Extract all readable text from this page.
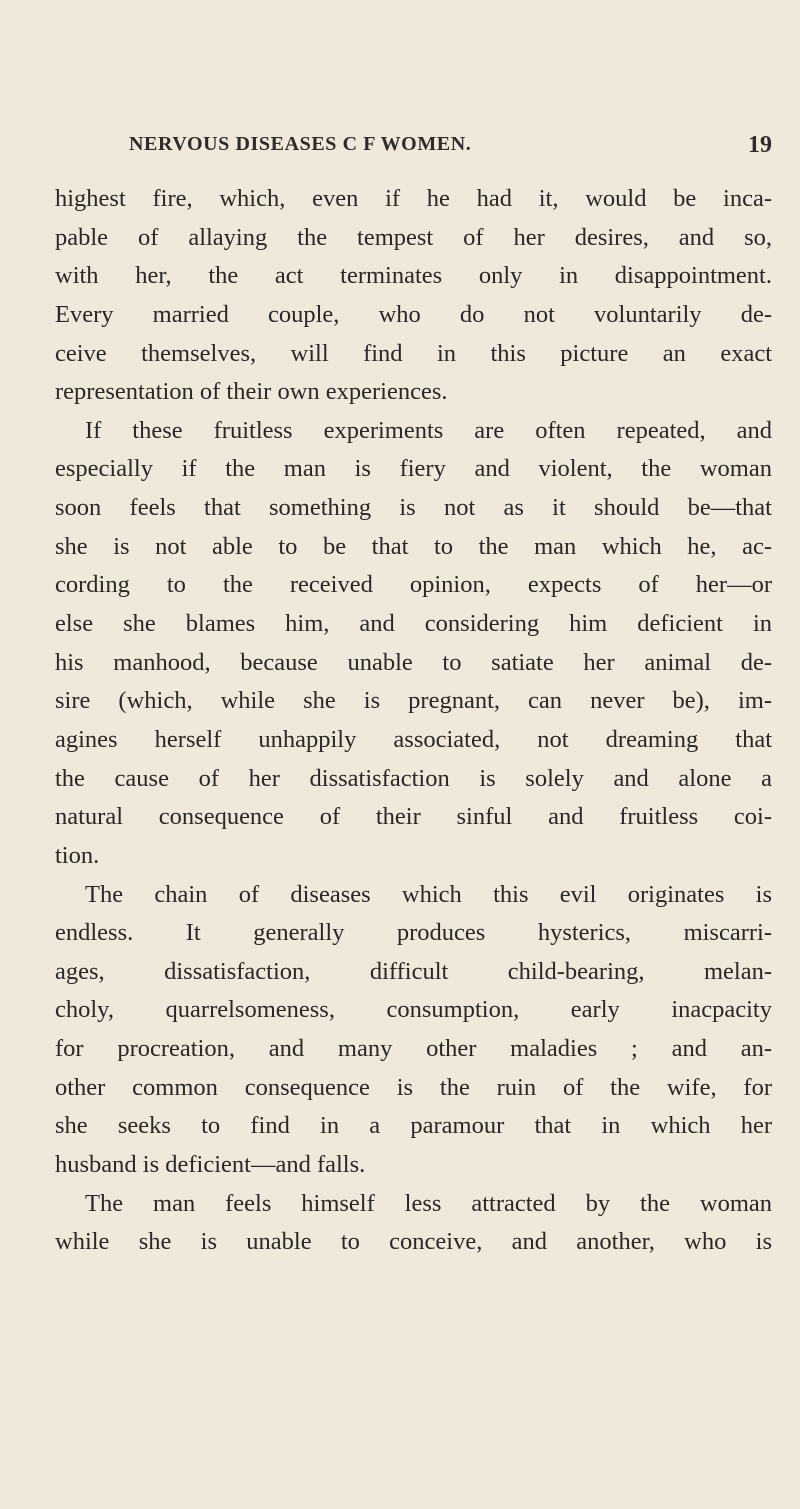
NERVOUS DISEASES C F WOMEN.	19
highest fire, which, even if he had it, would be inca-
pable of allaying the tempest of her desires, and so,
with her, the act terminates only in disappointment.
Every married couple, who do not voluntarily de-
ceive themselves, will find in this picture an exact
representation of their own experiences.
If these fruitless experiments are often repeated, and
especially if the man is fiery and violent, the woman
soon feels that something is not as it should be—that
she is not able to be that to the man which he, ac-
cording to the received opinion, expects of her—or
else she blames him, and considering him deficient in
his manhood, because unable to satiate her animal de-
sire (which, while she is pregnant, can never be), im-
agines herself unhappily associated, not dreaming that
the cause of her dissatisfaction is solely and alone a
natural consequence of their sinful and fruitless coi-
tion.
The chain of diseases which this evil originates is
endless. It generally produces hysterics, miscarri-
ages, dissatisfaction, difficult child-bearing, melan-
choly, quarrelsomeness, consumption, early inacpacity
for procreation, and many other maladies ; and an-
other common consequence is the ruin of the wife, for
she seeks to find in a paramour that in which her
husband is deficient—and falls.
The man feels himself less attracted by the woman
while she is unable to conceive, and another, who is
